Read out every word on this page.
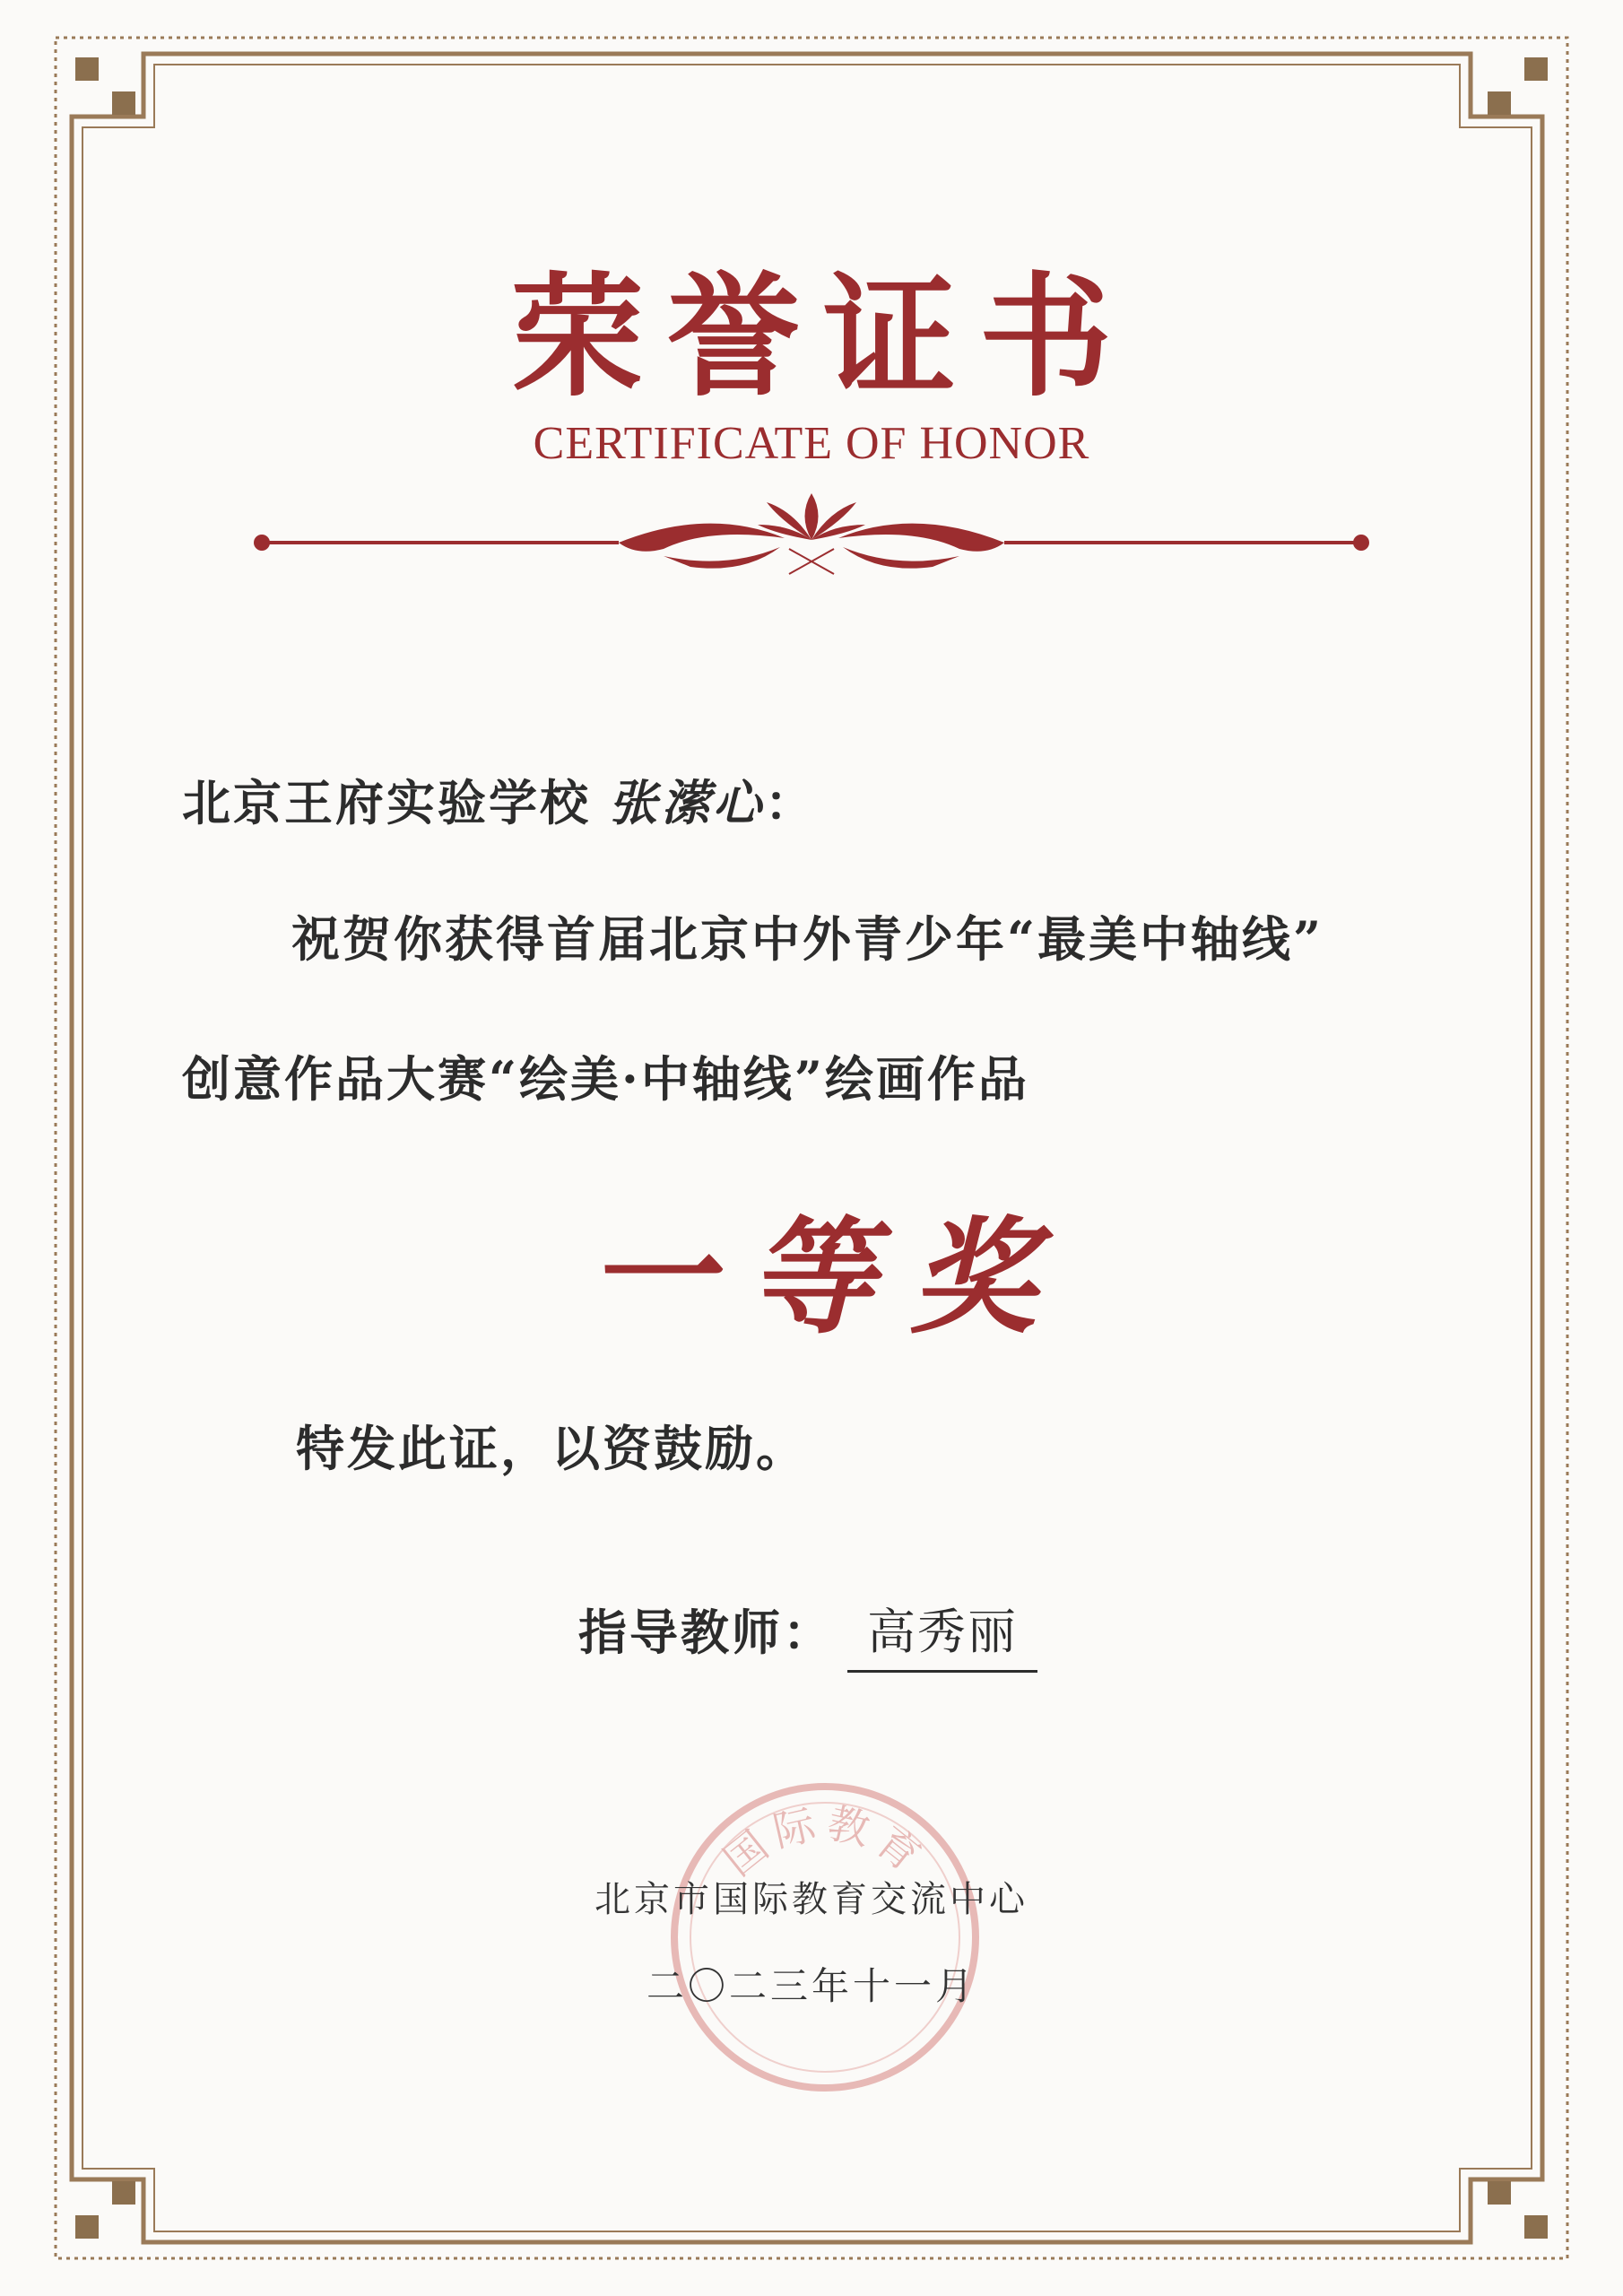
荣誉证书
CERTIFICATE OF HONOR
北京王府实验学校 张潆心：
祝贺你获得首届北京中外青少年“最美中轴线”
创意作品大赛“绘美·中轴线”绘画作品
一等奖
特发此证，以资鼓励。
指导教师： 高秀丽
国际教育
北京市国际教育交流中心
二〇二三年十一月
